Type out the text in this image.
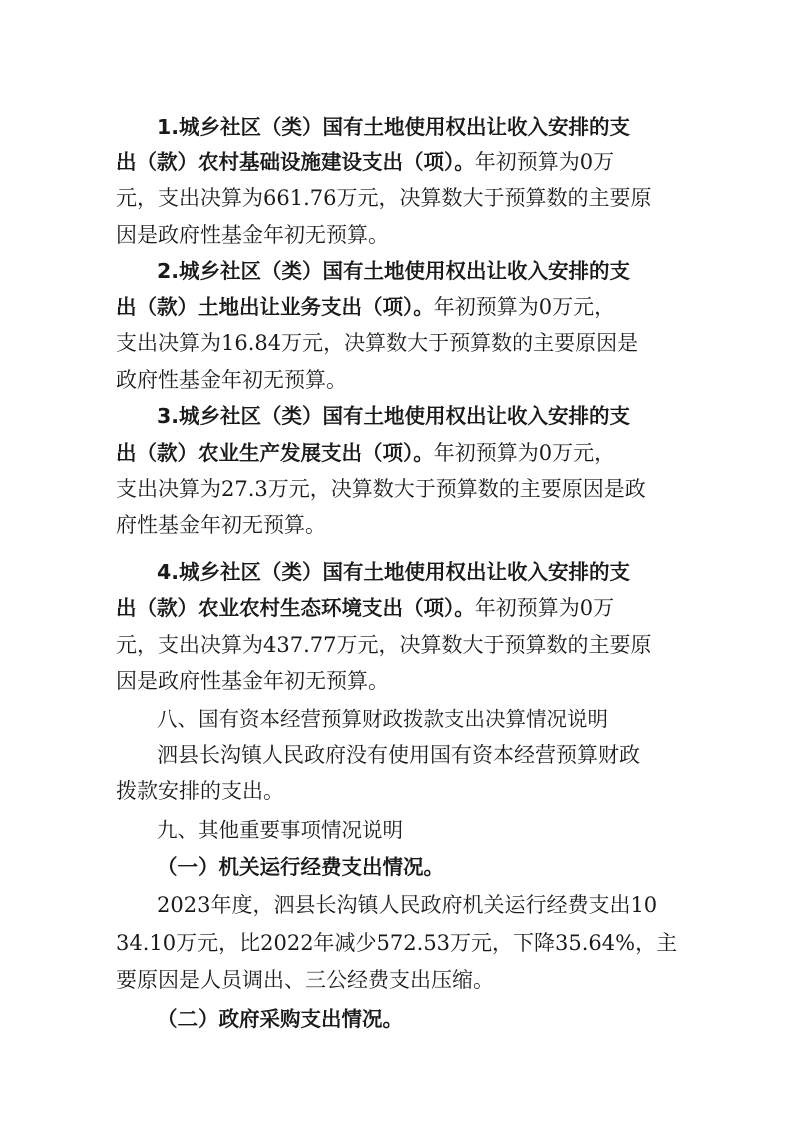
1.城乡社区（类）国有土地使用权出让收入安排的支
出（款）农村基础设施建设支出（项）。年初预算为0万
元，支出决算为661.76万元，决算数大于预算数的主要原
因是政府性基金年初无预算。
2.城乡社区（类）国有土地使用权出让收入安排的支
出（款）土地出让业务支出（项）。年初预算为0万元，
支出决算为16.84万元，决算数大于预算数的主要原因是
政府性基金年初无预算。
3.城乡社区（类）国有土地使用权出让收入安排的支
出（款）农业生产发展支出（项）。年初预算为0万元，
支出决算为27.3万元，决算数大于预算数的主要原因是政
府性基金年初无预算。
4.城乡社区（类）国有土地使用权出让收入安排的支
出（款）农业农村生态环境支出（项）。年初预算为0万
元，支出决算为437.77万元，决算数大于预算数的主要原
因是政府性基金年初无预算。
八、国有资本经营预算财政拨款支出决算情况说明
泗县长沟镇人民政府没有使用国有资本经营预算财政
拨款安排的支出。
九、其他重要事项情况说明
（一）机关运行经费支出情况。
2023年度，泗县长沟镇人民政府机关运行经费支出10
34.10万元，比2022年减少572.53万元，下降35.64%，主
要原因是人员调出、三公经费支出压缩。
（二）政府采购支出情况。
